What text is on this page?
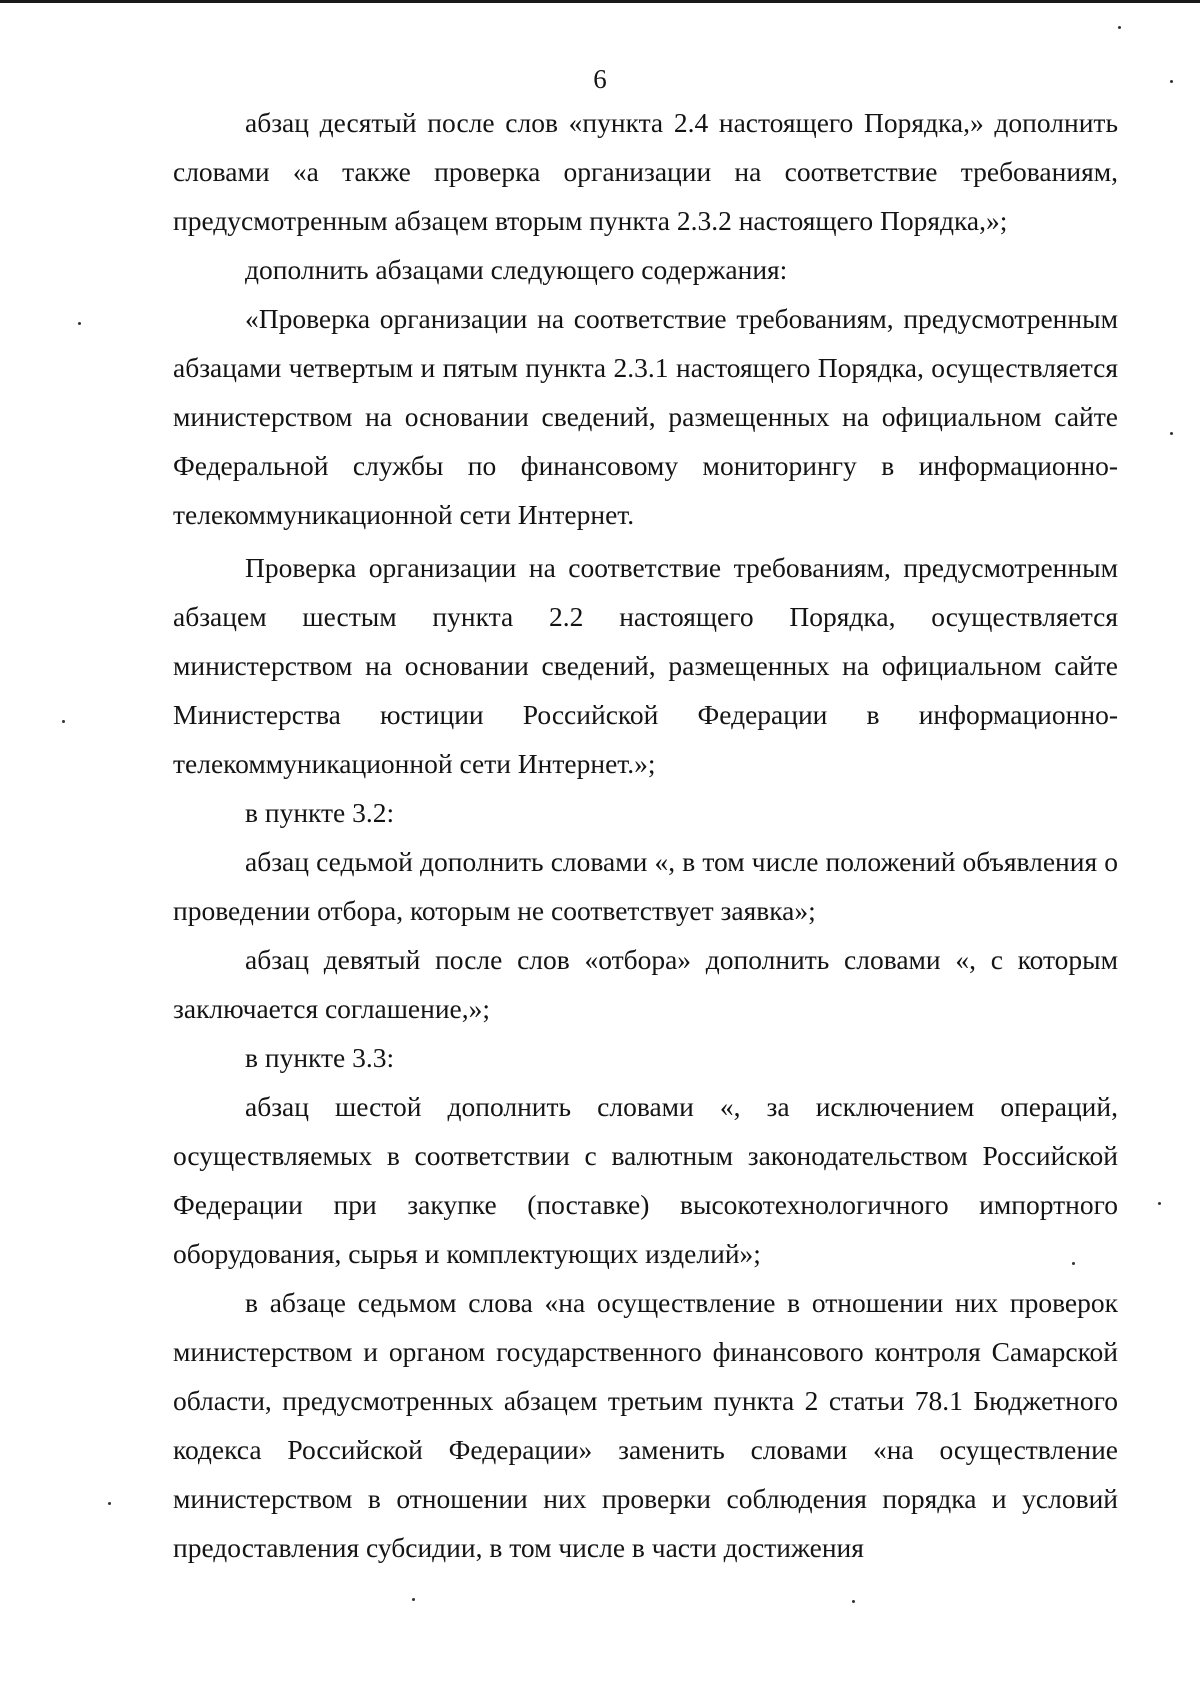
6

абзац десятый после слов «пункта 2.4 настоящего Порядка,» дополнить словами «а также проверка организации на соответствие требованиям, предусмотренным абзацем вторым пункта 2.3.2 настоящего Порядка,»;

дополнить абзацами следующего содержания:

«Проверка организации на соответствие требованиям, предусмотренным абзацами четвертым и пятым пункта 2.3.1 настоящего Порядка, осуществляется министерством на основании сведений, размещенных на официальном сайте Федеральной службы по финансовому мониторингу в информационно-телекоммуникационной сети Интернет.

Проверка организации на соответствие требованиям, предусмотренным абзацем шестым пункта 2.2 настоящего Порядка, осуществляется министерством на основании сведений, размещенных на официальном сайте Министерства юстиции Российской Федерации в информационно-телекоммуникационной сети Интернет.»;

в пункте 3.2:

абзац седьмой дополнить словами «, в том числе положений объявления о проведении отбора, которым не соответствует заявка»;

абзац девятый после слов «отбора» дополнить словами «, с которым заключается соглашение,»;

в пункте 3.3:

абзац шестой дополнить словами «, за исключением операций, осуществляемых в соответствии с валютным законодательством Российской Федерации при закупке (поставке) высокотехнологичного импортного оборудования, сырья и комплектующих изделий»;

в абзаце седьмом слова «на осуществление в отношении них проверок министерством и органом государственного финансового контроля Самарской области, предусмотренных абзацем третьим пункта 2 статьи 78.1 Бюджетного кодекса Российской Федерации» заменить словами «на осуществление министерством в отношении них проверки соблюдения порядка и условий предоставления субсидии, в том числе в части достижения
